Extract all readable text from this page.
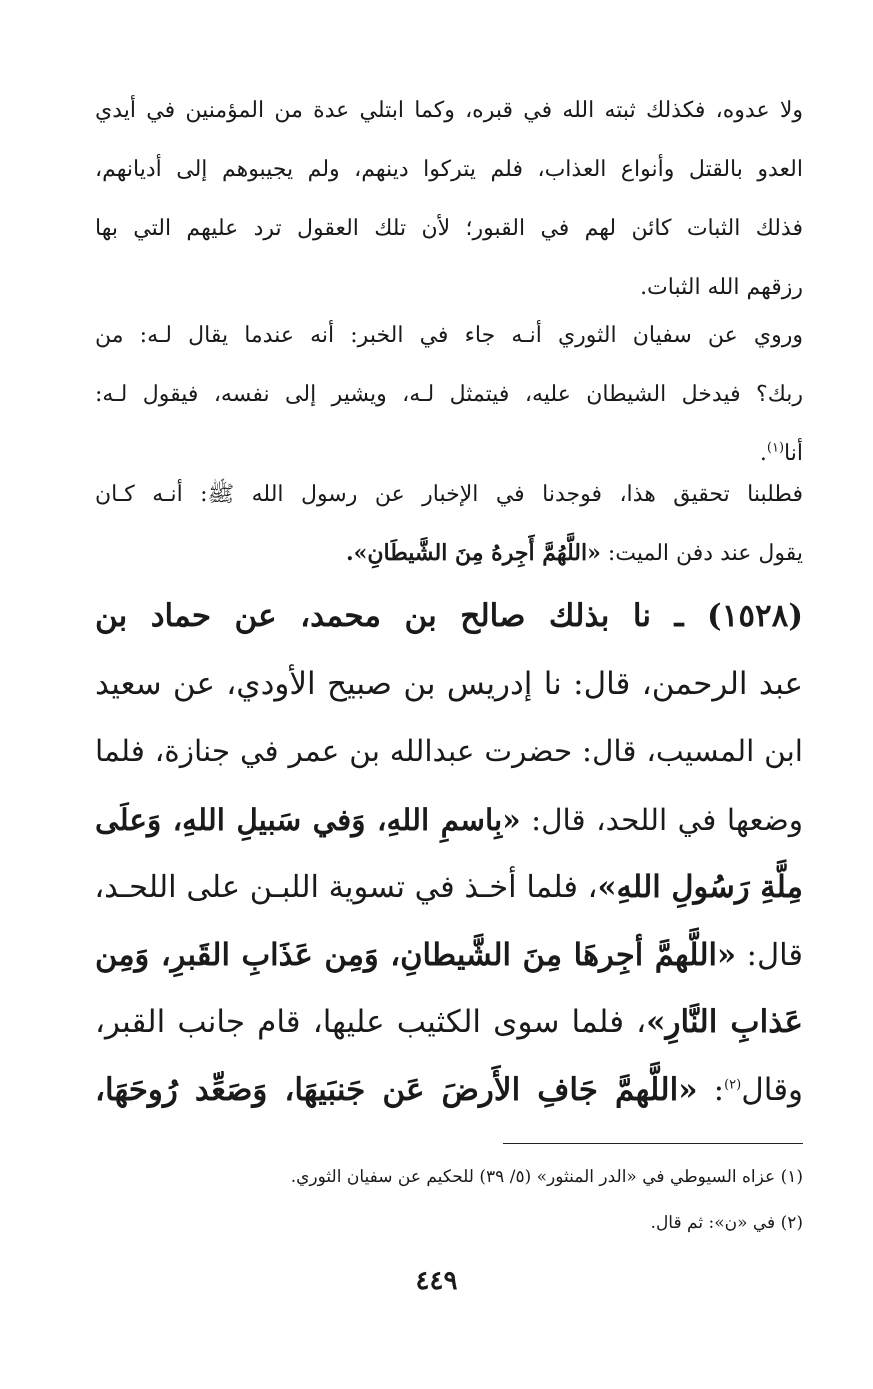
ولا عدوه، فكذلك ثبته الله في قبره، وكما ابتلي عدة من المؤمنين في أيدي
العدو بالقتل وأنواع العذاب، فلم يتركوا دينهم، ولم يجيبوهم إلى أديانهم،
فذلك الثبات كائن لهم في القبور؛ لأن تلك العقول ترد عليهم التي بها
رزقهم الله الثبات.
وروي عن سفيان الثوري أنـه جاء في الخبر: أنه عندما يقال لـه: من
ربك؟ فيدخل الشيطان عليه، فيتمثل لـه، ويشير إلى نفسه، فيقول لـه:
أنا$^{(١)}$.
فطلبنا تحقيق هذا، فوجدنا في الإخبار عن رسول الله ﷺ: أنـه كـان
يقول عند دفن الميت: «اللَّهُمَّ أَجِرهُ مِنَ الشَّيطَانِ».
(١٥٢٨) ـ نا بذلك صالح بن محمد، عن حماد بن
عبد الرحمن، قال: نا إدريس بن صبيح الأودي، عن سعيد
ابن المسيب، قال: حضرت عبدالله بن عمر في جنازة، فلما
وضعها في اللحد، قال: «بِاسمِ اللهِ، وَفي سَبيلِ اللهِ، وَعلَى
مِلَّةِ رَسُولِ اللهِ»، فلما أخـذ في تسوية اللبـن على اللحـد،
قال: «اللَّهمَّ أجِرهَا مِنَ الشَّيطانِ، وَمِن عَذَابِ القَبرِ، وَمِن
عَذابِ النَّارِ»، فلما سوى الكثيب عليها، قام جانب القبر،
وقال$^{(٢)}$: «اللَّهمَّ جَافِ الأَرضَ عَن جَنبَيهَا، وَصَعِّد رُوحَهَا،
(١) عزاه السيوطي في «الدر المنثور» (٥/ ٣٩) للحكيم عن سفيان الثوري.
(٢) في «ن»: ثم قال.
٤٤٩
